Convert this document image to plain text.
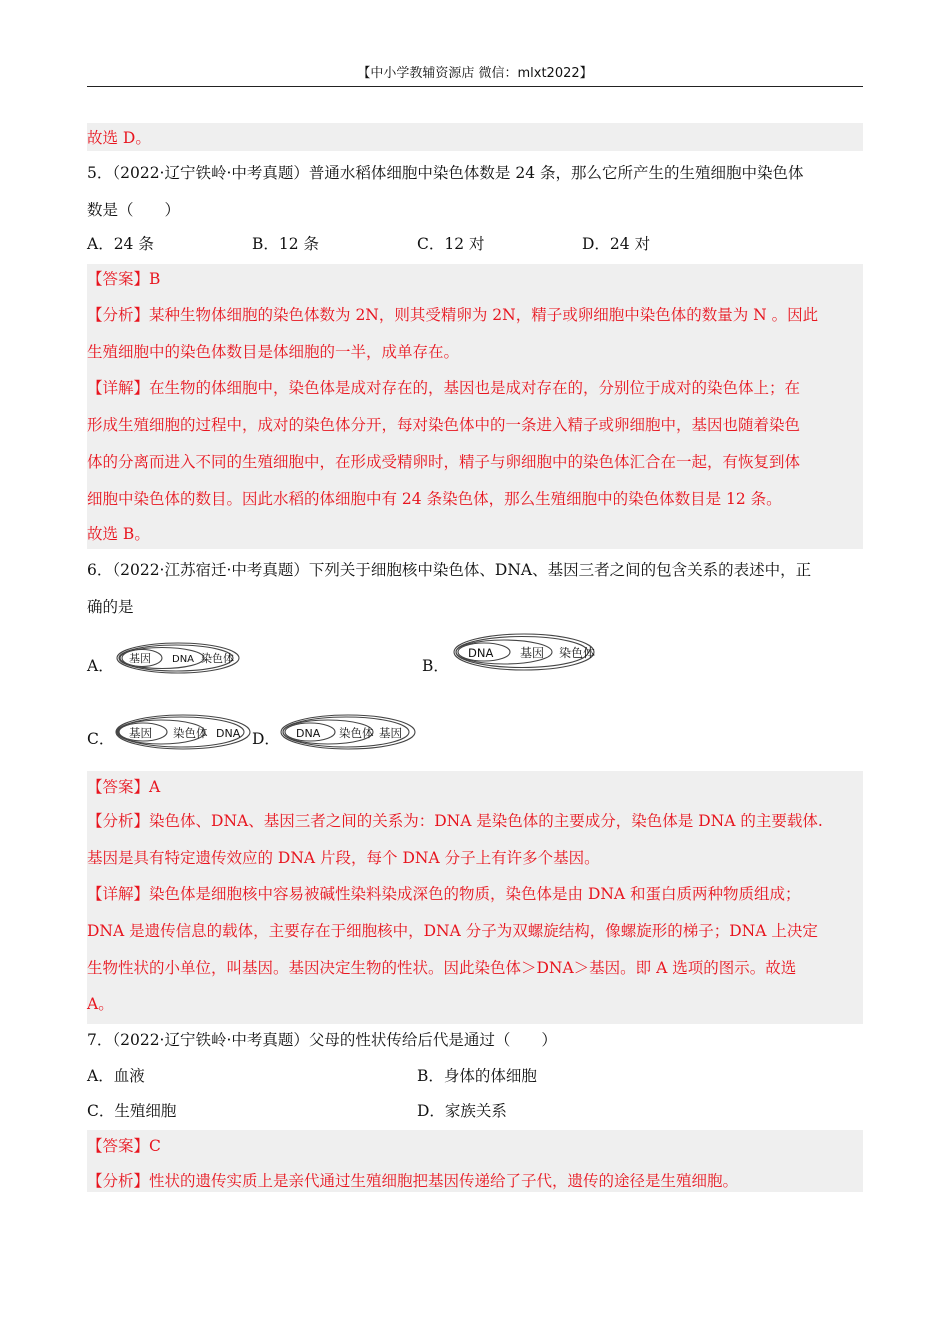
【中小学教辅资源店 微信：mlxt2022】
故选 D。
5．（2022·辽宁铁岭·中考真题）普通水稻体细胞中染色体数是 24 条，那么它所产生的生殖细胞中染色体
数是（　　）
A．24 条	B．12 条	C．12 对	D．24 对
【答案】B
【分析】某种生物体细胞的染色体数为 2N，则其受精卵为 2N，精子或卵细胞中染色体的数量为 N 。因此
生殖细胞中的染色体数目是体细胞的一半，成单存在。
【详解】在生物的体细胞中，染色体是成对存在的，基因也是成对存在的，分别位于成对的染色体上；在
形成生殖细胞的过程中，成对的染色体分开，每对染色体中的一条进入精子或卵细胞中，基因也随着染色
体的分离而进入不同的生殖细胞中，在形成受精卵时，精子与卵细胞中的染色体汇合在一起，有恢复到体
细胞中染色体的数目。因此水稻的体细胞中有 24 条染色体，那么生殖细胞中的染色体数目是 12 条。
故选 B。
6．（2022·江苏宿迁·中考真题）下列关于细胞核中染色体、DNA、基因三者之间的包含关系的表述中，正
确的是
A． 基因 DNA 染色体	B．
DNA 基因 染色体
C． 基因 染色体 DNA D． DNA 染色体 基因
【答案】A
【分析】染色体、DNA、基因三者之间的关系为：DNA 是染色体的主要成分，染色体是 DNA 的主要载体.
基因是具有特定遗传效应的 DNA 片段，每个 DNA 分子上有许多个基因。
【详解】染色体是细胞核中容易被碱性染料染成深色的物质，染色体是由 DNA 和蛋白质两种物质组成；
DNA 是遗传信息的载体，主要存在于细胞核中，DNA 分子为双螺旋结构，像螺旋形的梯子；DNA 上决定
生物性状的小单位，叫基因。基因决定生物的性状。因此染色体＞DNA＞基因。即 A 选项的图示。故选
A。
7．（2022·辽宁铁岭·中考真题）父母的性状传给后代是通过（　　）
A．血液	B．身体的体细胞
C．生殖细胞	D．家族关系
【答案】C
【分析】性状的遗传实质上是亲代通过生殖细胞把基因传递给了子代，遗传的途径是生殖细胞。
